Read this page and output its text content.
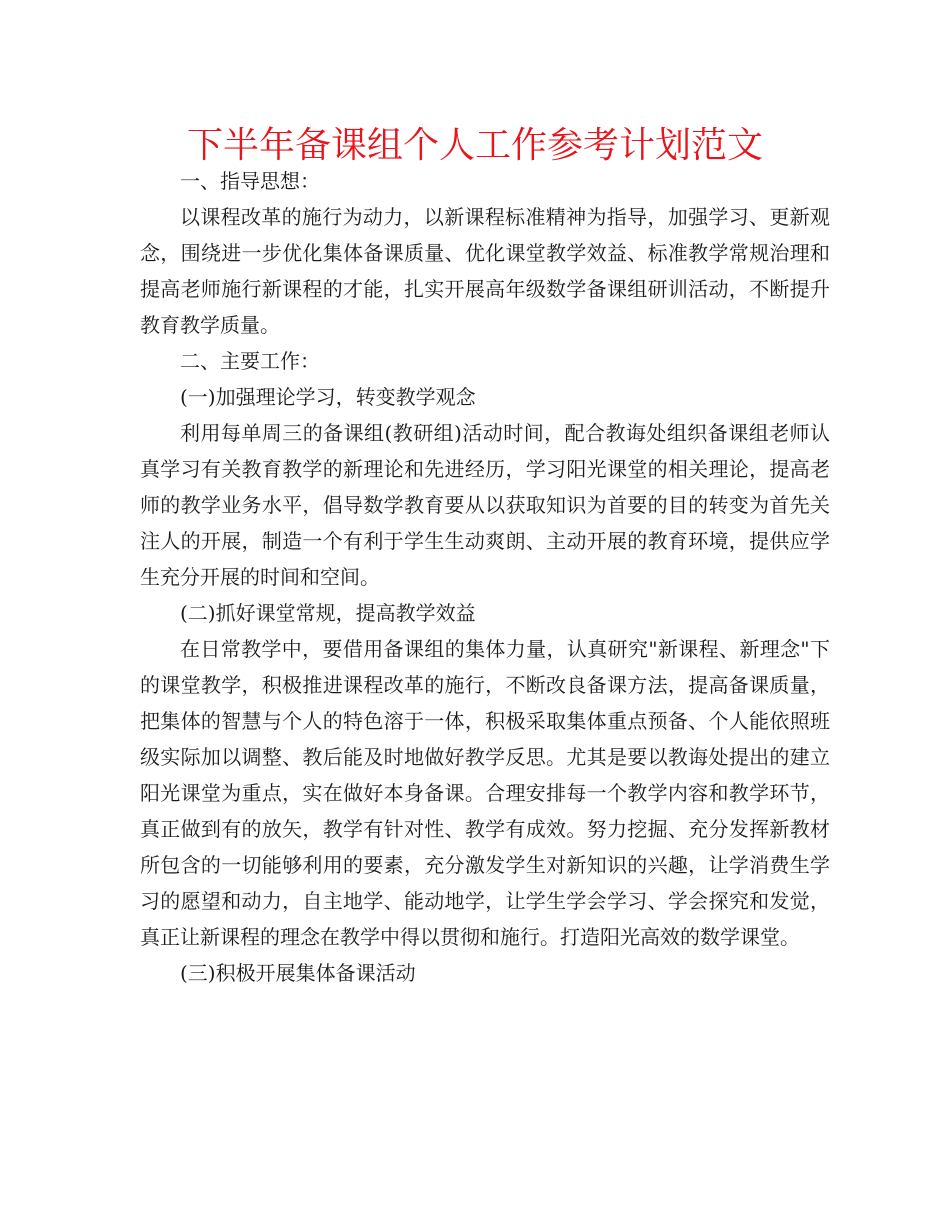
下半年备课组个人工作参考计划范文

一、指导思想：

以课程改革的施行为动力，以新课程标准精神为指导，加强学习、更新观念，围绕进一步优化集体备课质量、优化课堂教学效益、标准教学常规治理和提高老师施行新课程的才能，扎实开展高年级数学备课组研训活动，不断提升教育教学质量。

二、主要工作：

(一)加强理论学习，转变教学观念

利用每单周三的备课组(教研组)活动时间，配合教诲处组织备课组老师认真学习有关教育教学的新理论和先进经历，学习阳光课堂的相关理论，提高老师的教学业务水平，倡导数学教育要从以获取知识为首要的目的转变为首先关注人的开展，制造一个有利于学生生动爽朗、主动开展的教育环境，提供应学生充分开展的时间和空间。

(二)抓好课堂常规，提高教学效益

在日常教学中，要借用备课组的集体力量，认真研究"新课程、新理念"下的课堂教学，积极推进课程改革的施行，不断改良备课方法，提高备课质量，把集体的智慧与个人的特色溶于一体，积极采取集体重点预备、个人能依照班级实际加以调整、教后能及时地做好教学反思。尤其是要以教诲处提出的建立阳光课堂为重点，实在做好本身备课。合理安排每一个教学内容和教学环节，真正做到有的放矢，教学有针对性、教学有成效。努力挖掘、充分发挥新教材所包含的一切能够利用的要素，充分激发学生对新知识的兴趣，让学消费生学习的愿望和动力，自主地学、能动地学，让学生学会学习、学会探究和发觉，真正让新课程的理念在教学中得以贯彻和施行。打造阳光高效的数学课堂。

(三)积极开展集体备课活动
